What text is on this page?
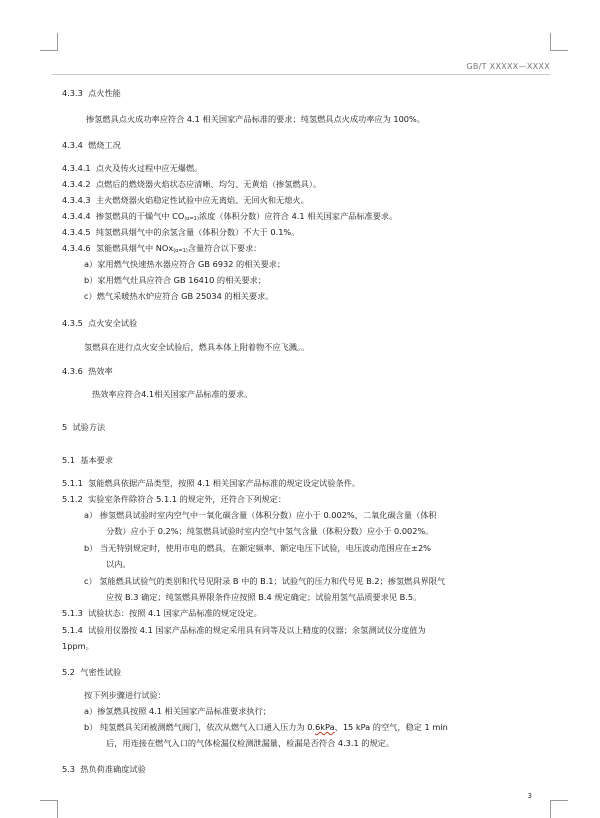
GB/T XXXXX—XXXX
4.3.3 点火性能
掺氢燃具点火成功率应符合 4.1 相关国家产品标准的要求；纯氢燃具点火成功率应为 100%。
4.3.4 燃烧工况
4.3.4.1 点火及传火过程中应无爆燃。
4.3.4.2 点燃后的燃烧器火焰状态应清晰、均匀、无黄焰（掺氢燃具）。
4.3.4.3 主火燃烧器火焰稳定性试验中应无离焰、无回火和无熄火。
4.3.4.4 掺氢燃具的干燥气中 $CO_{(\alpha=1)}$浓度（体积分数）应符合 4.1 相关国家产品标准要求。
4.3.4.5 纯氢燃具烟气中的余氢含量（体积分数）不大于 0.1%。
4.3.4.6 氢能燃具烟气中 NOx$_{(\alpha=1)}$含量符合以下要求：
a）家用燃气快速热水器应符合 GB 6932 的相关要求；
b）家用燃气灶具应符合 GB 16410 的相关要求；
c）燃气采暖热水炉应符合 GB 25034 的相关要求。
4.3.5 点火安全试验
氢燃具在进行点火安全试验后，燃具本体上附着物不应飞溅。。
4.3.6 热效率
热效率应符合4.1相关国家产品标准的要求。
5 试验方法
5.1 基本要求
5.1.1 氢能燃具依据产品类型，按照 4.1 相关国家产品标准的规定设定试验条件。
5.1.2 实验室条件除符合 5.1.1 的规定外，还符合下列规定：
a） 掺氢燃具试验时室内空气中一氧化碳含量（体积分数）应小于 0.002%，二氧化碳含量（体积
分数）应小于 0.2%；纯氢燃具试验时室内空气中氢气含量（体积分数）应小于 0.002%。
b） 当无特别规定时，使用市电的燃具，在额定频率、额定电压下试验，电压波动范围应在±2%
以内。
c） 氢能燃具试验气的类别和代号见附录 B 中的 B.1；试验气的压力和代号见 B.2；掺氢燃具界限气
应按 B.3 确定；纯氢燃具界限条件应按照 B.4 规定确定；试验用氢气品质要求见 B.5。
5.1.3 试验状态：按照 4.1 国家产品标准的规定设定。
5.1.4 试验用仪器按 4.1 国家产品标准的规定采用具有同等及以上精度的仪器；余氢测试仪分度值为
1ppm。
5.2 气密性试验
按下列步骤进行试验：
a）掺氢燃具按照 4.1 相关国家产品标准要求执行；
b） 纯氢燃具关闭被测燃气阀门，依次从燃气入口通入压力为 0.6kPa、15 kPa 的空气，稳定 1 min
后，用连接在燃气入口的气体检漏仪检测泄漏量，检漏是否符合 4.3.1 的规定。
5.3 热负荷准确度试验
3
